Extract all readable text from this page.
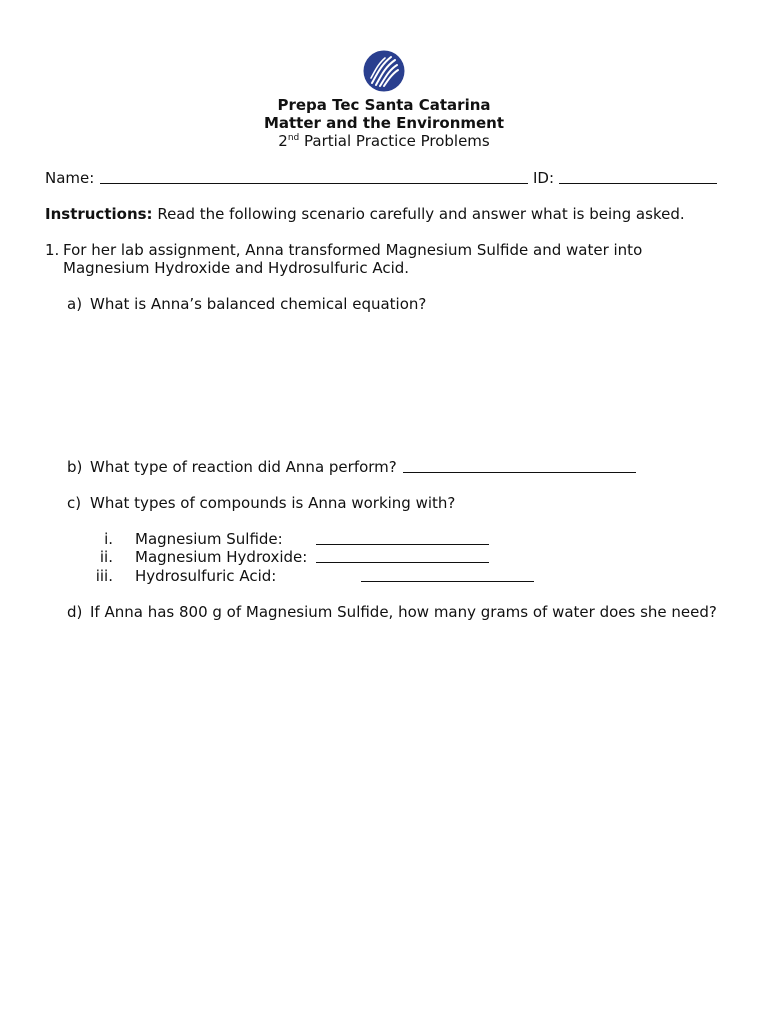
Prepa Tec Santa Catarina
Matter and the Environment
2nd Partial Practice Problems
Name:	ID:
Instructions: Read the following scenario carefully and answer what is being asked.
1. For her lab assignment, Anna transformed Magnesium Sulfide and water into
Magnesium Hydroxide and Hydrosulfuric Acid.
a) What is Anna’s balanced chemical equation?
b) What type of reaction did Anna perform?
c) What types of compounds is Anna working with?
i. Magnesium Sulfide:
ii. Magnesium Hydroxide:
iii. Hydrosulfuric Acid:
d) If Anna has 800 g of Magnesium Sulfide, how many grams of water does she need?
